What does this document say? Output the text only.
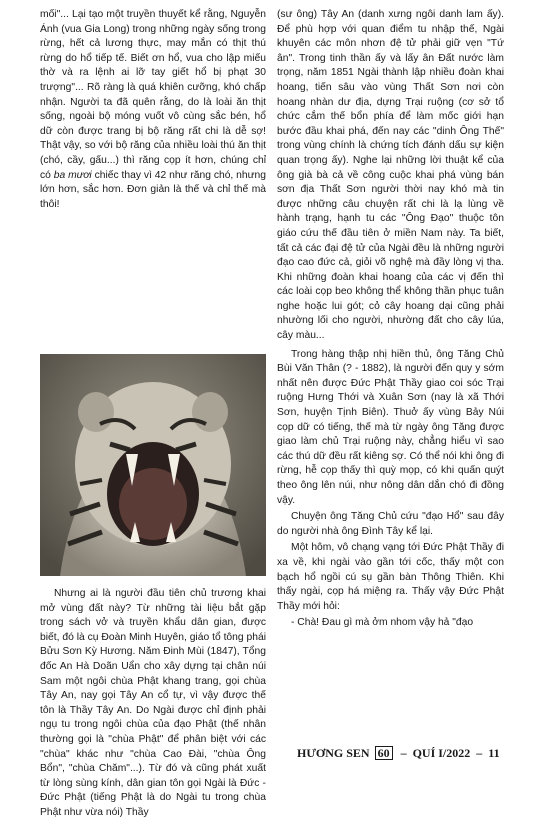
mối"... Lại tạo một truyền thuyết kể rằng, Nguyễn Ánh (vua Gia Long) trong những ngày sống trong rừng, hết cả lương thực, may mắn có thịt thú rừng do hổ tiếp tế. Biết ơn hổ, vua cho lập miếu thờ và ra lệnh ai lỡ tay giết hổ bị phạt 30 trượng"... Rõ ràng là quá khiên cưỡng, khó chấp nhận. Người ta đã quên rằng, do là loài ăn thịt sống, ngoài bộ móng vuốt vô cùng sắc bén, hổ dữ còn được trang bị bộ răng rất chi là dễ sợ! Thật vậy, so với bộ răng của nhiều loài thú ăn thịt (chó, cầy, gấu...) thì răng cọp ít hơn, chúng chỉ có ba mươi chiếc thay vì 42 như răng chó, nhưng lớn hơn, sắc hơn. Đơn giản là thế và chỉ thế mà thôi!

Nhưng ai là người đầu tiên chủ trương khai mở vùng đất này? Từ những tài liệu bắt gặp trong sách vở và truyền khẩu dân gian, được biết, đó là cụ Đoàn Minh Huyên, giáo tổ tông phái Bửu Sơn Kỳ Hương. Năm Đinh Mùi (1847), Tổng đốc An Hà Doãn Uẩn cho xây dựng tại chân núi Sam một ngôi chùa Phật khang trang, gọi chùa Tây An, nay gọi Tây An cổ tự, vì vậy được thế tôn là Thầy Tây An. Do Ngài được chỉ định phải ngụ tu trong ngôi chùa của đạo Phật (thế nhân thường gọi là "chùa Phật" để phân biệt với các "chùa" khác như "chùa Cao Đài, "chùa Ông Bổn", "chùa Chăm"...). Từ đó và cũng phát xuất từ lòng sùng kính, dân gian tôn gọi Ngài là Đức - Đức Phật (tiếng Phật là do Ngài tu trong chùa Phật như vừa nói) Thầy

(sư ông) Tây An (danh xưng ngôi danh lam ấy). Để phù hợp với quan điểm tu nhập thế, Ngài khuyên các môn nhơn đệ tử phải giữ vẹn "Tứ ân". Trong tinh thần ấy và lấy ân Đất nước làm trọng, năm 1851 Ngài thành lập nhiều đoàn khai hoang, tiến sâu vào vùng Thất Sơn nơi còn hoang nhàn dư địa, dựng Trại ruộng (cơ sở tổ chức cắm thế bổn phía để làm mốc giới hạn bước đầu khai phá, đến nay các "dinh Ông Thế" trong vùng chính là chứng tích đánh dấu sự kiện quan trọng ấy). Nghe lại những lời thuật kể của ông già bà cả về công cuộc khai phá vùng bán sơn địa Thất Sơn người thời nay khó mà tin được những câu chuyện rất chi là lạ lùng về hành trạng, hạnh tu các "Ông Đạo" thuộc tôn giáo cứu thế đầu tiên ở miền Nam này. Ta biết, tất cả các đại đệ tử của Ngài đều là những người đạo cao đức cả, giỏi võ nghệ mà đầy lòng vị tha. Khi những đoàn khai hoang của các vị đến thì các loài cọp beo không thể không thần phục tuân nghe hoặc lui gót; cỏ cây hoang dại cũng phải nhường lối cho người, nhường đất cho cây lúa, cây màu...

Trong hàng thập nhị hiền thủ, ông Tăng Chủ Bùi Văn Thân (? - 1882), là người đến quy y sớm nhất nên được Đức Phật Thầy giao coi sóc Trại ruộng Hưng Thới và Xuân Sơn (nay là xã Thới Sơn, huyện Tịnh Biên). Thuở ấy vùng Bảy Núi cọp dữ có tiếng, thế mà từ ngày ông Tăng được giao làm chủ Trại ruộng này, chẳng hiểu vì sao các thú dữ đều rất kiêng sợ. Có thể nói khi ông đi rừng, hễ cọp thấy thì quỳ mọp, có khi quấn quýt theo ông lên núi, như nông dân dắn chó đi đồng vậy.

Chuyện ông Tăng Chủ cứu "đạo Hổ" sau đây do người nhà ông Đình Tây kể lại.

Một hôm, vô chạng vạng tới Đức Phật Thầy đi xa về, khi ngài vào gần tới cốc, thấy một con bạch hổ ngồi cú sụ gần bàn Thông Thiên. Khi thấy ngài, cọp há miệng ra. Thấy vậy Đức Phật Thầy mới hỏi:

- Chà! Đau gì mà ởm nhom vậy hả "đạo

HƯƠNG SEN 60 – QUÍ I/2022 – 11
